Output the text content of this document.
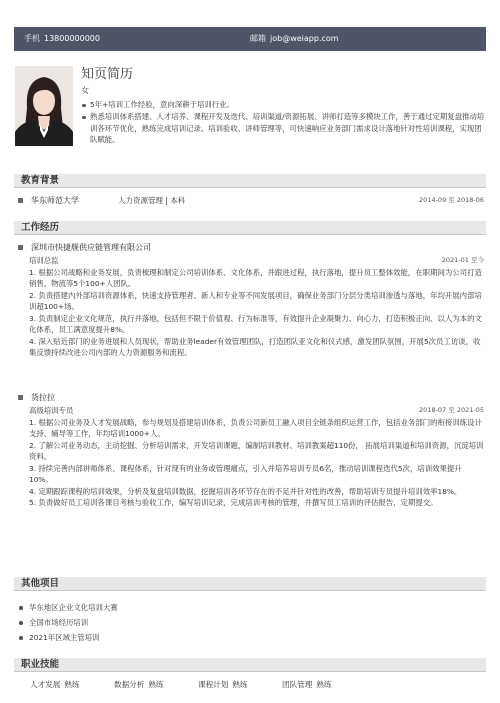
手机 13800000000	邮箱 job@weiapp.com
知页简历
女
5年+培训工作经验，意向深耕于培训行业。
熟悉培训体系搭建、人才培养、课程开发及迭代、培训渠道/资源拓展、讲师打造等多模块工作，善于通过定期复盘推动培训各环节优化，熟练完成培训记录、培训验收、讲师管理等，可快速响应业务部门需求设计落地针对性培训课程，实现团队赋能。
教育背景
华东师范大学	人力资源管理 | 本科	2014-09 至 2018-06
工作经历
深圳市快捷舰供应链管理有限公司
培训总监	2021-01 至今
1. 根据公司战略和业务发展，负责梳理和制定公司培训体系、文化体系，并跟进过程，执行落地，提升员工整体效能，在职期间为公司打造销售、物流等5个100+人团队。
2. 负责搭建内外部培训资源体系，快速支持管理者、新人和专业等不同发展项目，确保业务部门分层分类培训渗透与落地，年均开展内部培训超100+场。
3. 负责制定企业文化规范，执行并落地，包括但不限于价值观、行为标准等，有效提升企业凝聚力、向心力，打造积极正向、以人为本的文化体系，员工满意度提升8%。
4. 深入贴近部门的业务进展和人员现状，帮助业务leader有效管理团队，打造团队亚文化和仪式感，激发团队氛围，开展5次员工访谈，收集反馈持续改进公司内部的人力资源服务和流程。
货拉拉
高级培训专员	2018-07 至 2021-05
1. 根据公司业务及人才发展战略，参与规划及搭建培训体系，负责公司新员工融入项目全链条组织运营工作，包括业务部门的衔接训练设计支持、辅导等工作，年均培训1000+人。
2. 了解公司业务动态，主动挖掘、分析培训需求，开发培训课题，编制培训教材、培训教案超110份， 拓展培训渠道和培训资源，沉淀培训资料。
3. 持续完善内部讲师体系、课程体系，针对现有的业务或管理痛点，引入并培养培训专员6名，推动培训课程迭代5次，培训效果提升10%。
4. 定期跟踪课程的培训效果，分析及复盘培训数据，挖掘培训各环节存在的不足并针对性的改善，帮助培训专员提升培训效率18%。
5. 负责做好员工培训各课目考核与验收工作，编写培训记录，完成培训考核的管理，并撰写员工培训的评估报告，定期提交。
其他项目
华东地区企业文化培训大赛
全国市场经历培训
2021年区域主管培训
职业技能
人才发展 熟练	数据分析 熟练	课程计划 熟练	团队管理 熟练
